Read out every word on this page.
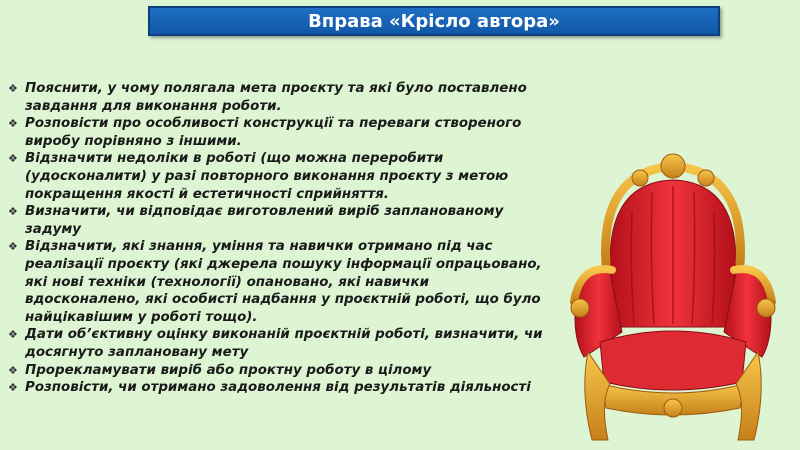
Вправа «Крісло автора»
❖ Пояснити, у чому полягала мета проєкту та які було поставлено завдання для виконання роботи.
❖ Розповісти про особливості конструкції та переваги створеного виробу порівняно з іншими.
❖ Відзначити недоліки в роботі (що можна переробити (удосконалити) у разі повторного виконання проєкту з метою покращення якості й естетичності сприйняття.
❖ Визначити, чи відповідає виготовлений виріб запланованому задуму
❖ Відзначити, які знання, уміння та навички отримано під час реалізації проєкту (які джерела пошуку інформації опрацьовано, які нові техніки (технології) опановано, які навички вдосконалено, які особисті надбання у проєктній роботі, що було найцікавішим у роботі тощо).
❖ Дати об’єктивну оцінку виконаній проєктній роботі, визначити, чи досягнуто заплановану мету
❖ Прорекламувати виріб або проктну роботу в цілому
❖ Розповісти, чи отримано задоволення від результатів діяльності
